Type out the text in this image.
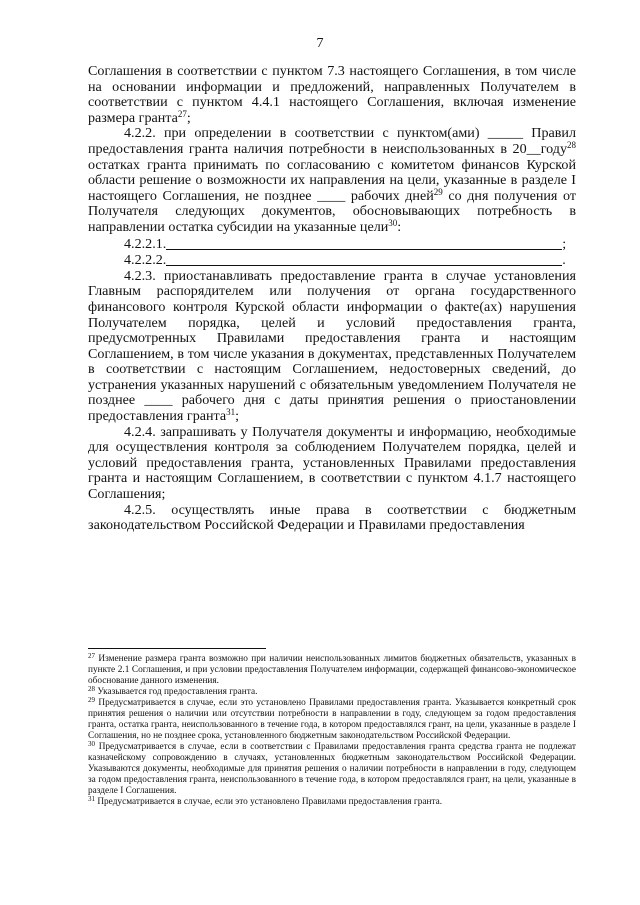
7

Соглашения в соответствии с пунктом 7.3 настоящего Соглашения, в том числе на основании информации и предложений, направленных Получателем в соответствии с пунктом 4.4.1 настоящего Соглашения, включая изменение размера гранта$^{27}$;

4.2.2. при определении в соответствии с пунктом(ами) _____ Правил предоставления гранта наличия потребности в неиспользованных в 20__году$^{28}$ остатках гранта принимать по согласованию с комитетом финансов Курской области решение о возможности их направления на цели, указанные в разделе I настоящего Соглашения, не позднее ____ рабочих дней$^{29}$ со дня получения от Получателя следующих документов, обосновывающих потребность в направлении остатка субсидии на указанные цели$^{30}$:

4.2.2.1.	;

4.2.2.2.	.

4.2.3. приостанавливать предоставление гранта в случае установления Главным распорядителем или получения от органа государственного финансового контроля Курской области информации о факте(ах) нарушения Получателем порядка, целей и условий предоставления гранта, предусмотренных Правилами предоставления гранта и настоящим Соглашением, в том числе указания в документах, представленных Получателем в соответствии с настоящим Соглашением, недостоверных сведений, до устранения указанных нарушений с обязательным уведомлением Получателя не позднее ____ рабочего дня с даты принятия решения о приостановлении предоставления гранта$^{31}$;

4.2.4. запрашивать у Получателя документы и информацию, необходимые для осуществления контроля за соблюдением Получателем порядка, целей и условий предоставления гранта, установленных Правилами предоставления гранта и настоящим Соглашением, в соответствии с пунктом 4.1.7 настоящего Соглашения;

4.2.5. осуществлять иные права в соответствии с бюджетным законодательством Российской Федерации и Правилами предоставления

$^{27}$ Изменение размера гранта возможно при наличии неиспользованных лимитов бюджетных обязательств, указанных в пункте 2.1 Соглашения, и при условии предоставления Получателем информации, содержащей финансово-экономическое обоснование данного изменения.

$^{28}$ Указывается год предоставления гранта.

$^{29}$ Предусматривается в случае, если это установлено Правилами предоставления гранта. Указывается конкретный срок принятия решения о наличии или отсутствии потребности в направлении в году, следующем за годом предоставления гранта, остатка гранта, неиспользованного в течение года, в котором предоставлялся грант, на цели, указанные в разделе I Соглашения, но не позднее срока, установленного бюджетным законодательством Российской Федерации.

$^{30}$ Предусматривается в случае, если в соответствии с Правилами предоставления гранта средства гранта не подлежат казначейскому сопровождению в случаях, установленных бюджетным законодательством Российской Федерации. Указываются документы, необходимые для принятия решения о наличии потребности в направлении в году, следующем за годом предоставления гранта, неиспользованного в течение года, в котором предоставлялся грант, на цели, указанные в разделе I Соглашения.

$^{31}$ Предусматривается в случае, если это установлено Правилами предоставления гранта.
